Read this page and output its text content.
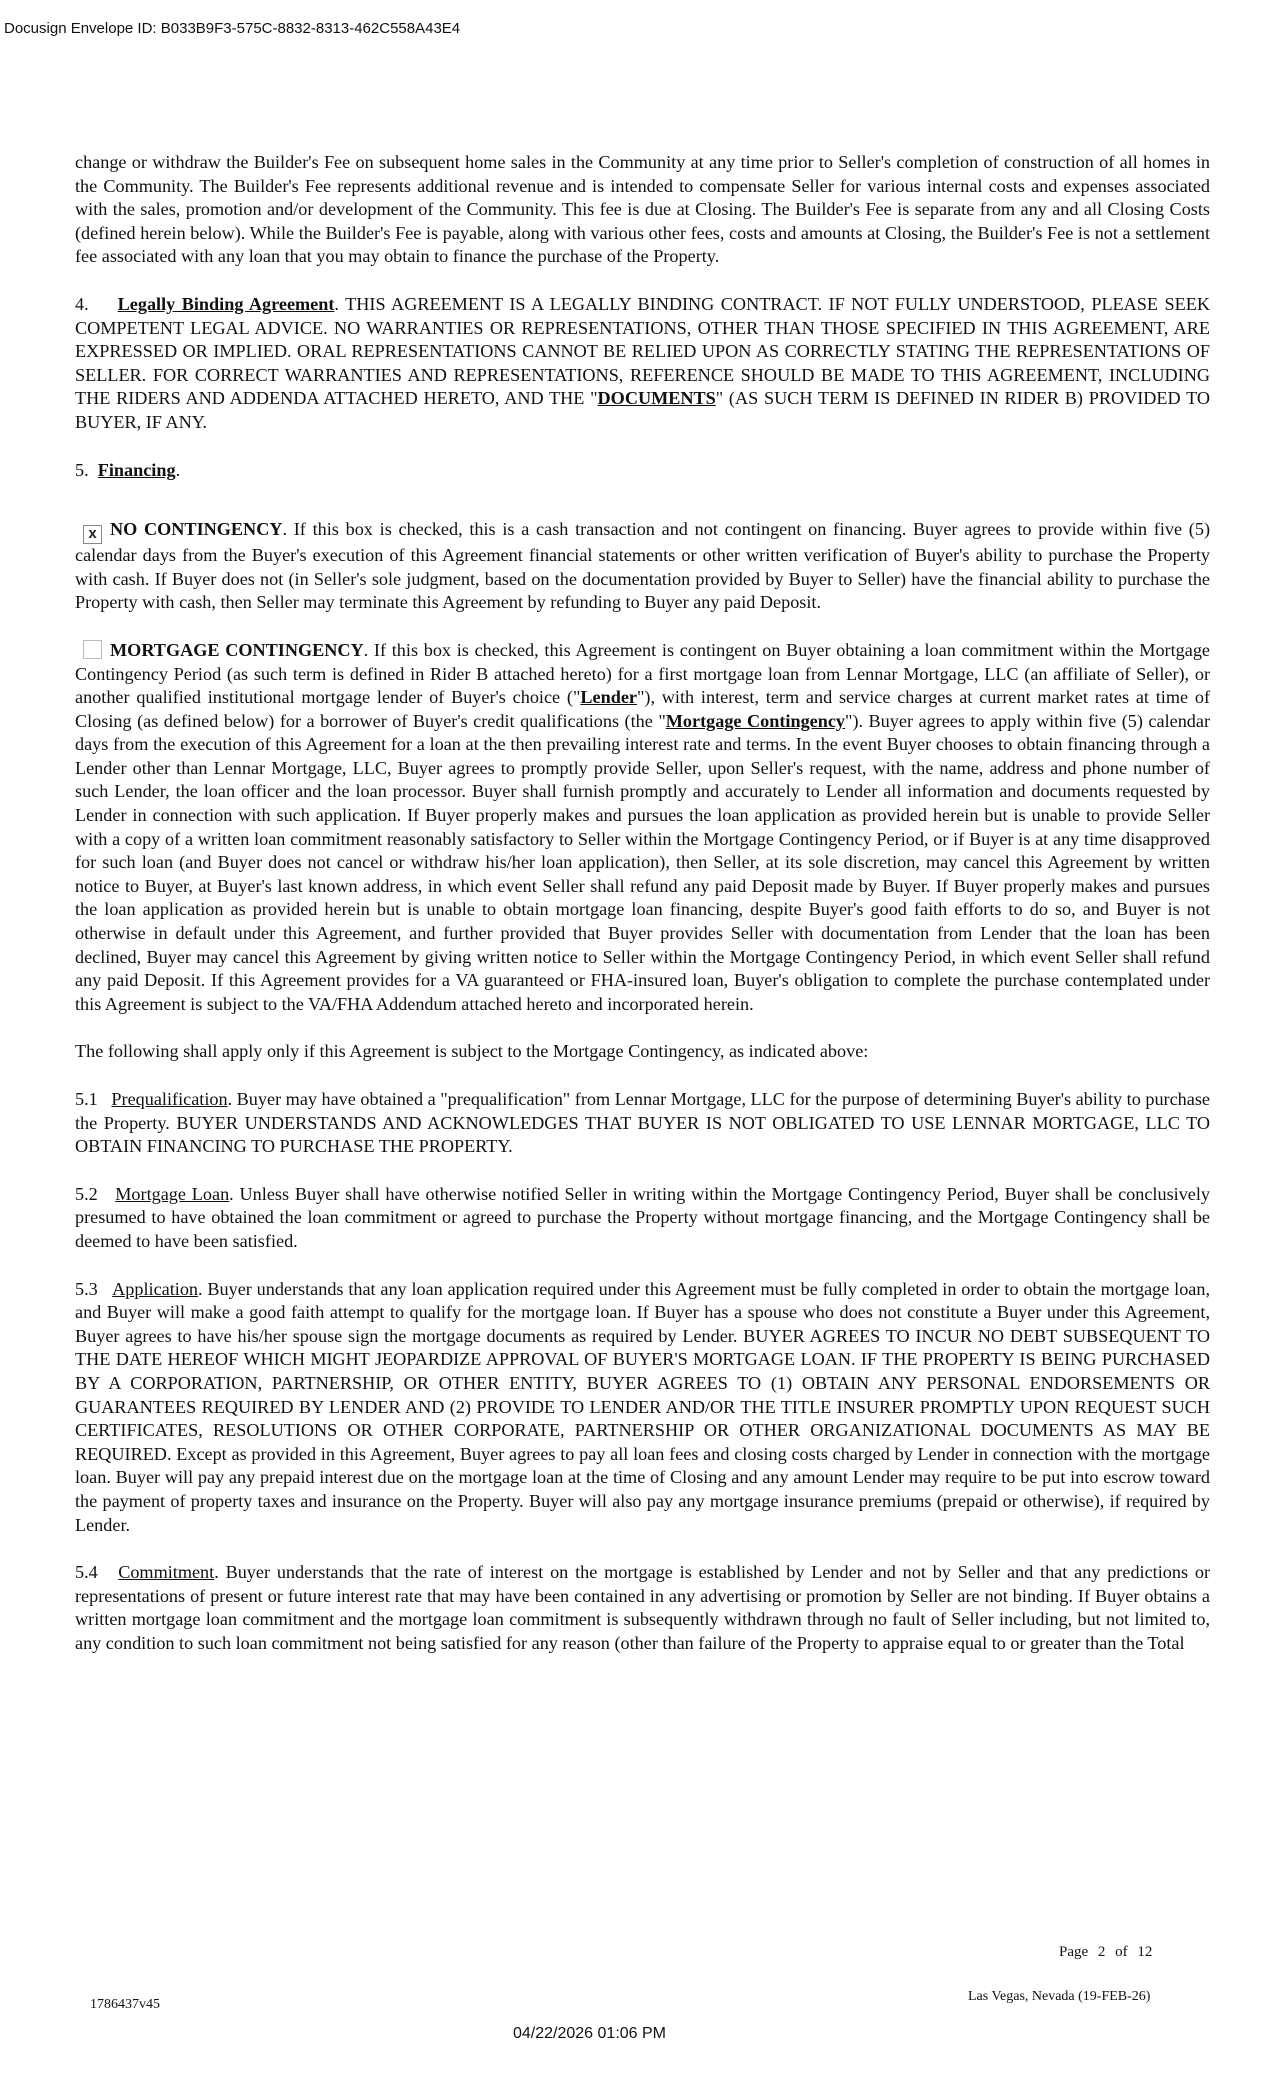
Docusign Envelope ID: B033B9F3-575C-8832-8313-462C558A43E4

change or withdraw the Builder's Fee on subsequent home sales in the Community at any time prior to Seller's completion of construction of all homes in the Community. The Builder's Fee represents additional revenue and is intended to compensate Seller for various internal costs and expenses associated with the sales, promotion and/or development of the Community. This fee is due at Closing. The Builder's Fee is separate from any and all Closing Costs (defined herein below). While the Builder's Fee is payable, along with various other fees, costs and amounts at Closing, the Builder's Fee is not a settlement fee associated with any loan that you may obtain to finance the purchase of the Property.

4. Legally Binding Agreement. THIS AGREEMENT IS A LEGALLY BINDING CONTRACT. IF NOT FULLY UNDERSTOOD, PLEASE SEEK COMPETENT LEGAL ADVICE. NO WARRANTIES OR REPRESENTATIONS, OTHER THAN THOSE SPECIFIED IN THIS AGREEMENT, ARE EXPRESSED OR IMPLIED. ORAL REPRESENTATIONS CANNOT BE RELIED UPON AS CORRECTLY STATING THE REPRESENTATIONS OF SELLER. FOR CORRECT WARRANTIES AND REPRESENTATIONS, REFERENCE SHOULD BE MADE TO THIS AGREEMENT, INCLUDING THE RIDERS AND ADDENDA ATTACHED HERETO, AND THE "DOCUMENTS" (AS SUCH TERM IS DEFINED IN RIDER B) PROVIDED TO BUYER, IF ANY.

5. Financing.

x NO CONTINGENCY. If this box is checked, this is a cash transaction and not contingent on financing. Buyer agrees to provide within five (5) calendar days from the Buyer's execution of this Agreement financial statements or other written verification of Buyer's ability to purchase the Property with cash. If Buyer does not (in Seller's sole judgment, based on the documentation provided by Buyer to Seller) have the financial ability to purchase the Property with cash, then Seller may terminate this Agreement by refunding to Buyer any paid Deposit.

MORTGAGE CONTINGENCY. If this box is checked, this Agreement is contingent on Buyer obtaining a loan commitment within the Mortgage Contingency Period (as such term is defined in Rider B attached hereto) for a first mortgage loan from Lennar Mortgage, LLC (an affiliate of Seller), or another qualified institutional mortgage lender of Buyer's choice ("Lender"), with interest, term and service charges at current market rates at time of Closing (as defined below) for a borrower of Buyer's credit qualifications (the "Mortgage Contingency"). Buyer agrees to apply within five (5) calendar days from the execution of this Agreement for a loan at the then prevailing interest rate and terms. In the event Buyer chooses to obtain financing through a Lender other than Lennar Mortgage, LLC, Buyer agrees to promptly provide Seller, upon Seller's request, with the name, address and phone number of such Lender, the loan officer and the loan processor. Buyer shall furnish promptly and accurately to Lender all information and documents requested by Lender in connection with such application. If Buyer properly makes and pursues the loan application as provided herein but is unable to provide Seller with a copy of a written loan commitment reasonably satisfactory to Seller within the Mortgage Contingency Period, or if Buyer is at any time disapproved for such loan (and Buyer does not cancel or withdraw his/her loan application), then Seller, at its sole discretion, may cancel this Agreement by written notice to Buyer, at Buyer's last known address, in which event Seller shall refund any paid Deposit made by Buyer. If Buyer properly makes and pursues the loan application as provided herein but is unable to obtain mortgage loan financing, despite Buyer's good faith efforts to do so, and Buyer is not otherwise in default under this Agreement, and further provided that Buyer provides Seller with documentation from Lender that the loan has been declined, Buyer may cancel this Agreement by giving written notice to Seller within the Mortgage Contingency Period, in which event Seller shall refund any paid Deposit. If this Agreement provides for a VA guaranteed or FHA-insured loan, Buyer's obligation to complete the purchase contemplated under this Agreement is subject to the VA/FHA Addendum attached hereto and incorporated herein.

The following shall apply only if this Agreement is subject to the Mortgage Contingency, as indicated above:

5.1 Prequalification. Buyer may have obtained a "prequalification" from Lennar Mortgage, LLC for the purpose of determining Buyer's ability to purchase the Property. BUYER UNDERSTANDS AND ACKNOWLEDGES THAT BUYER IS NOT OBLIGATED TO USE LENNAR MORTGAGE, LLC TO OBTAIN FINANCING TO PURCHASE THE PROPERTY.

5.2 Mortgage Loan. Unless Buyer shall have otherwise notified Seller in writing within the Mortgage Contingency Period, Buyer shall be conclusively presumed to have obtained the loan commitment or agreed to purchase the Property without mortgage financing, and the Mortgage Contingency shall be deemed to have been satisfied.

5.3 Application. Buyer understands that any loan application required under this Agreement must be fully completed in order to obtain the mortgage loan, and Buyer will make a good faith attempt to qualify for the mortgage loan. If Buyer has a spouse who does not constitute a Buyer under this Agreement, Buyer agrees to have his/her spouse sign the mortgage documents as required by Lender. BUYER AGREES TO INCUR NO DEBT SUBSEQUENT TO THE DATE HEREOF WHICH MIGHT JEOPARDIZE APPROVAL OF BUYER'S MORTGAGE LOAN. IF THE PROPERTY IS BEING PURCHASED BY A CORPORATION, PARTNERSHIP, OR OTHER ENTITY, BUYER AGREES TO (1) OBTAIN ANY PERSONAL ENDORSEMENTS OR GUARANTEES REQUIRED BY LENDER AND (2) PROVIDE TO LENDER AND/OR THE TITLE INSURER PROMPTLY UPON REQUEST SUCH CERTIFICATES, RESOLUTIONS OR OTHER CORPORATE, PARTNERSHIP OR OTHER ORGANIZATIONAL DOCUMENTS AS MAY BE REQUIRED. Except as provided in this Agreement, Buyer agrees to pay all loan fees and closing costs charged by Lender in connection with the mortgage loan. Buyer will pay any prepaid interest due on the mortgage loan at the time of Closing and any amount Lender may require to be put into escrow toward the payment of property taxes and insurance on the Property. Buyer will also pay any mortgage insurance premiums (prepaid or otherwise), if required by Lender.

5.4 Commitment. Buyer understands that the rate of interest on the mortgage is established by Lender and not by Seller and that any predictions or representations of present or future interest rate that may have been contained in any advertising or promotion by Seller are not binding. If Buyer obtains a written mortgage loan commitment and the mortgage loan commitment is subsequently withdrawn through no fault of Seller including, but not limited to, any condition to such loan commitment not being satisfied for any reason (other than failure of the Property to appraise equal to or greater than the Total

Page 2 of 12
1786437v45
Las Vegas, Nevada (19-FEB-26)
04/22/2026 01:06 PM
